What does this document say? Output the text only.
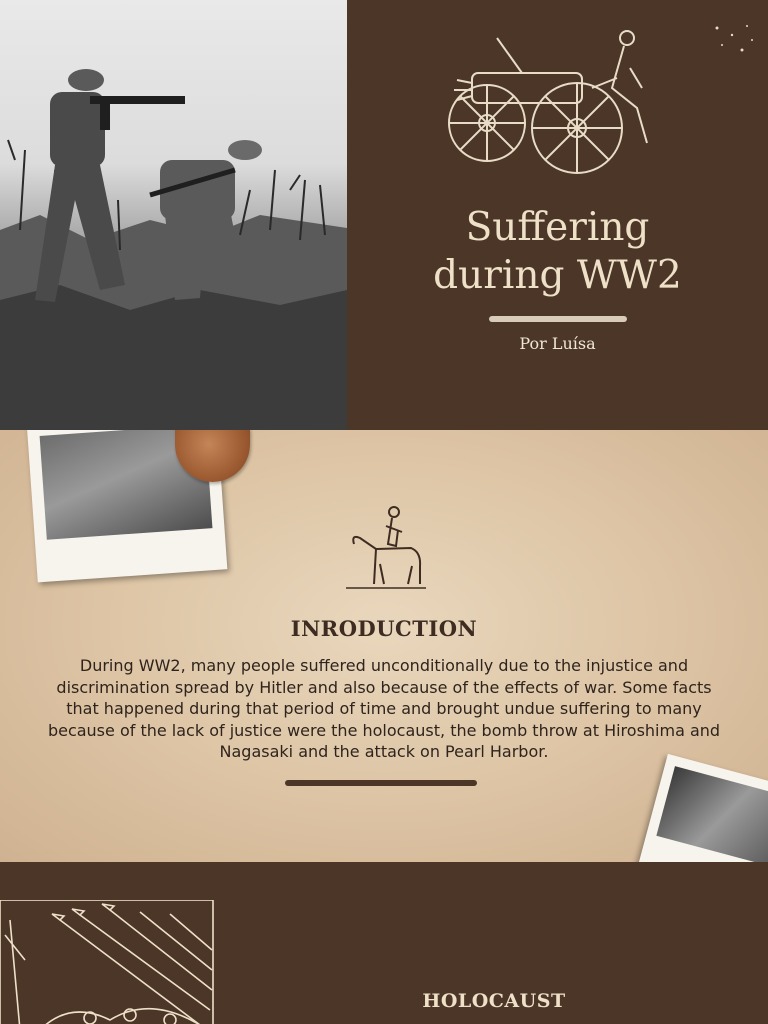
Suffering
during WW2
Por Luísa
INRODUCTION

During WW2, many people suffered unconditionally due to the injustice and discrimination spread by Hitler and also because of the effects of war. Some facts that happened during that period of time and brought undue suffering to many because of the lack of justice were the holocaust, the bomb throw at Hiroshima and Nagasaki and the attack on Pearl Harbor.

HOLOCAUST
